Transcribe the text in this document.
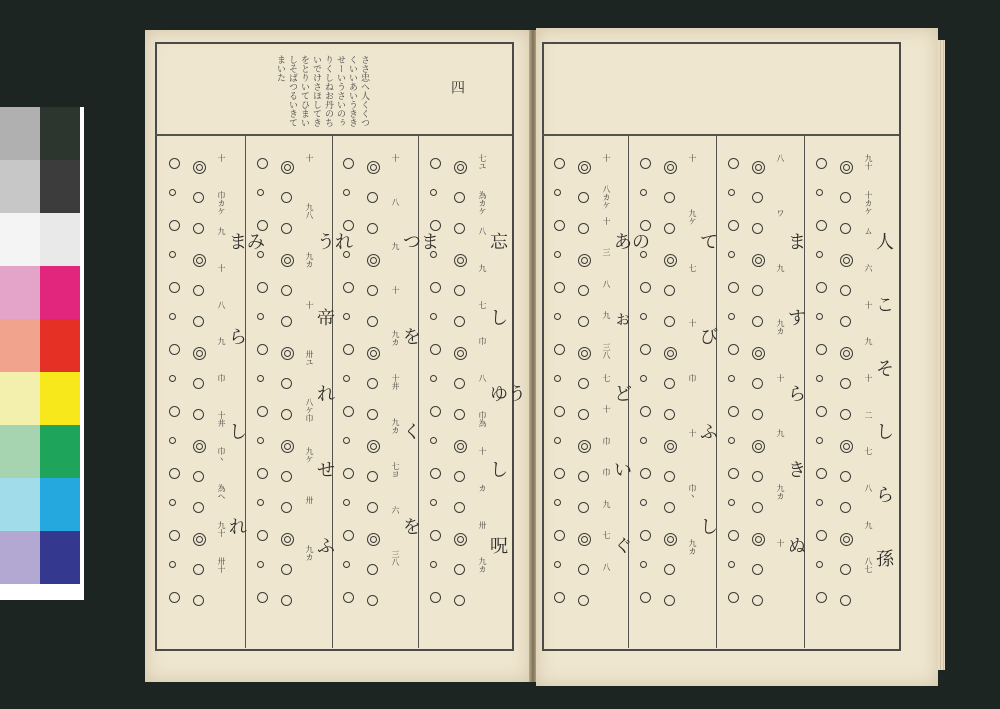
四
ささ忠へ人くくつくいいあいうききせーいうさいのぅりくしねお丹のちいでけさほしてきをとりいてひまいしそばつるいきてまいた
十
巾カケ
九
十
八
九
巾
十井
巾ヽ
為ヘ
九十
卅十
まみ
ら
し
れ
十
九八
九カ
十
卅ユ
八ケ巾
九ケ
卅
九カ
うれ
帝
れ
せ
ふ
十
八
九
十
九カ
十井
九カ
七ヨ
六
三八
つま
を
く
を
七ユ
為カケ
八
九
七
巾
八
巾為
十
カ
卅
九カ
忘
し
ゆう
し
呪
十
八カケ
十
三
八
九
三八
七
十
巾
巾
九
七
八
あの
ぉ
ど
い
ぐ
十
九ケ
七
十
巾
十
巾ヽ
九カ
て
び
ふ
し
八
ワ
九
九カ
十
九
九カ
十
ま
す
ら
き
ぬ
九十
十カケ
ム
六
十
九
十
二
七
八
九
八七
人
こ
そ
し
ら
孫
